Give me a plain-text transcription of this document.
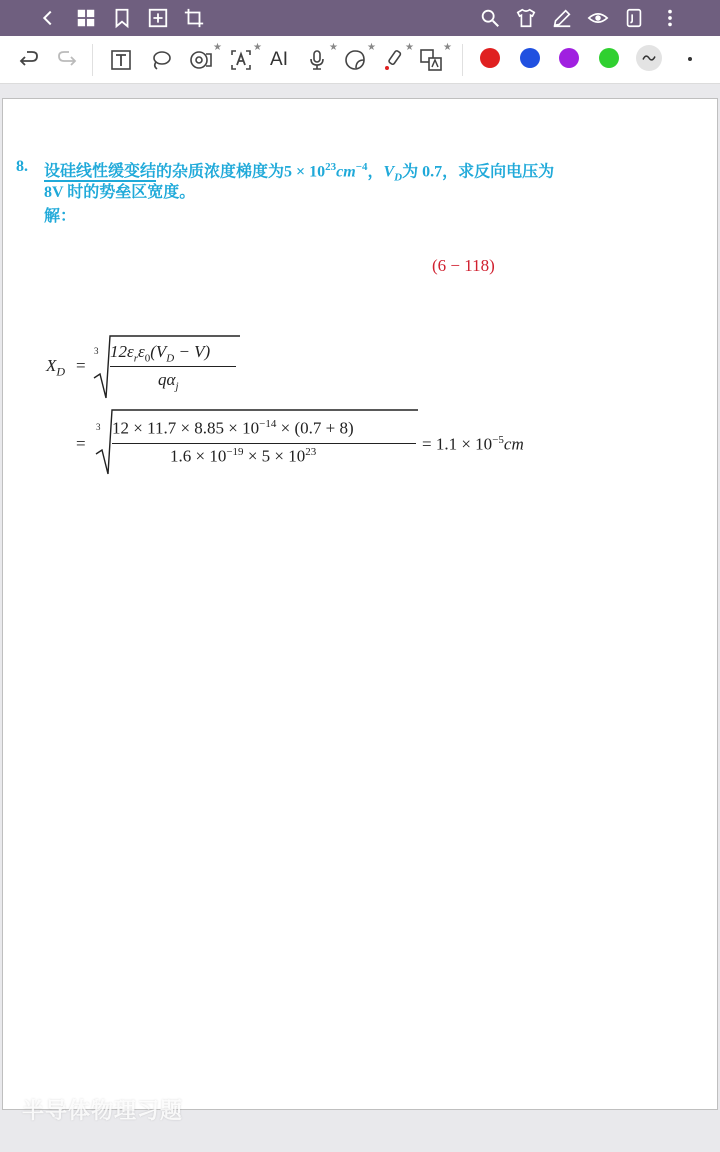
★	★
AI
★	★	★	★
8. 设硅线性缓变结的杂质浓度梯度为$5 \times 10^{23}cm^{-4}$，$V_D$为 0.7，求反向电压为
8V 时的势垒区宽度。
解：
$X_D$ =
3 $12\varepsilon_r\varepsilon_0(V_D - V)$
$q\alpha_j$
(6 − 118)
=
3 $12 \times 11.7 \times 8.85 \times 10^{-14} \times (0.7 + 8)$
$1.6 \times 10^{-19} \times 5 \times 10^{23}$	= $1.1 \times 10^{-5}cm$
半导体物理习题
